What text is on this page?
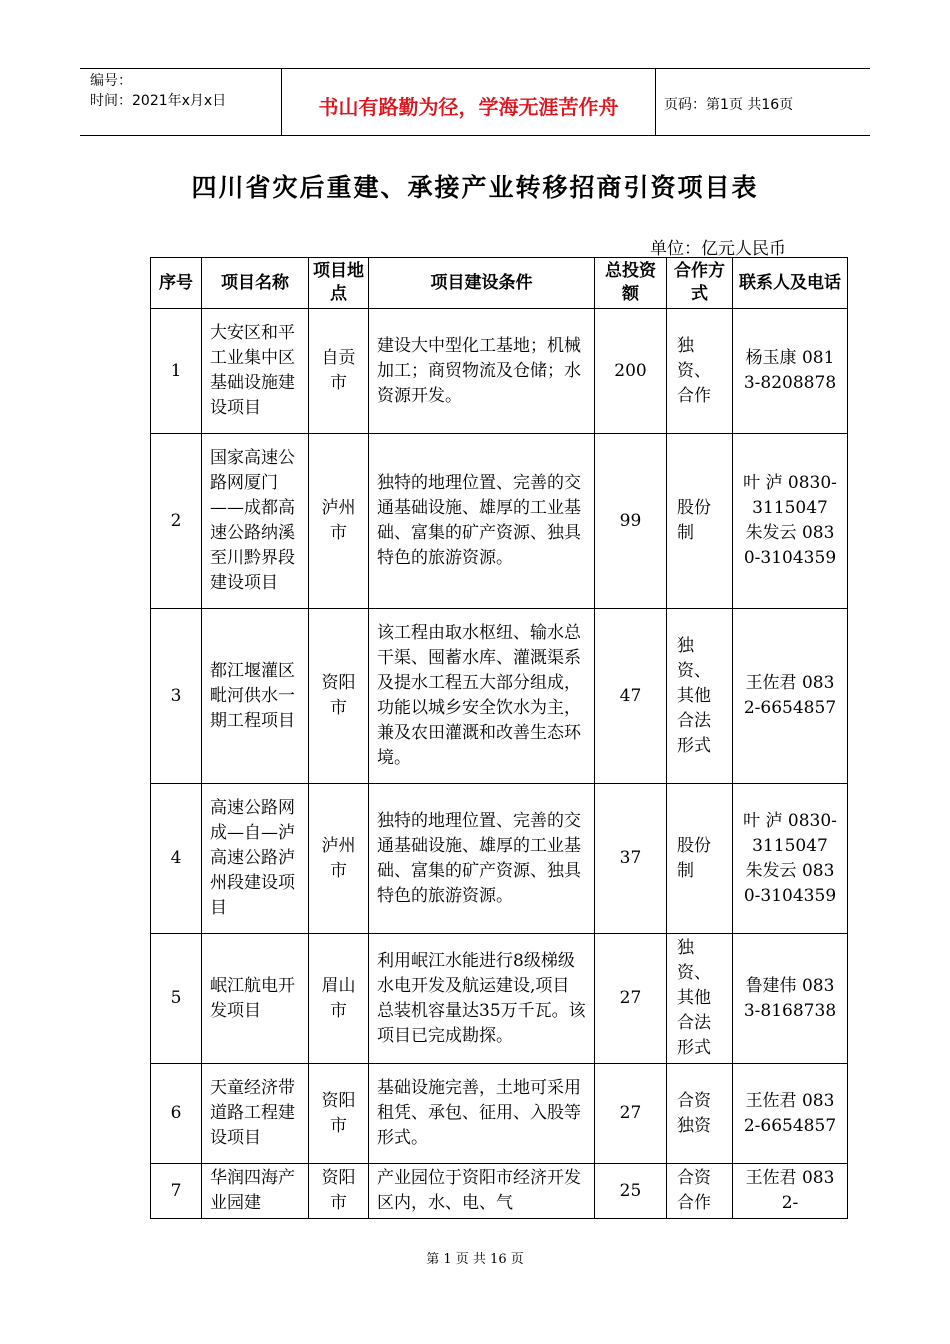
编号：
时间：2021年x月x日	书山有路勤为径，学海无涯苦作舟	页码：第1页 共16页
四川省灾后重建、承接产业转移招商引资项目表
单位：亿元人民币
序号	项目名称	项目地点	项目建设条件	总投资额	合作方式	联系人及电话
1	大安区和平工业集中区基础设施建设项目	自贡市	建设大中型化工基地；机械加工；商贸物流及仓储；水资源开发。	200	独资、合作	杨玉康 0813-8208878
2	国家高速公路网厦门——成都高速公路纳溪至川黔界段建设项目	泸州市	独特的地理位置、完善的交通基础设施、雄厚的工业基础、富集的矿产资源、独具特色的旅游资源。	99	股份制	叶 泸 0830-3115047 朱发云 0830-3104359
3	都江堰灌区毗河供水一期工程项目	资阳市	该工程由取水枢纽、输水总干渠、囤蓄水库、灌溉渠系及提水工程五大部分组成，功能以城乡安全饮水为主，兼及农田灌溉和改善生态环境。	47	独资、其他合法形式	王佐君 0832-6654857
4	高速公路网成—自—泸高速公路泸州段建设项目	泸州市	独特的地理位置、完善的交通基础设施、雄厚的工业基础、富集的矿产资源、独具特色的旅游资源。	37	股份制	叶 泸 0830-3115047 朱发云 0830-3104359
5	岷江航电开发项目	眉山市	利用岷江水能进行8级梯级水电开发及航运建设,项目总装机容量达35万千瓦。该项目已完成勘探。	27	独资、其他合法形式	鲁建伟 0833-8168738
6	天童经济带道路工程建设项目	资阳市	基础设施完善，土地可采用租凭、承包、征用、入股等形式。	27	合资独资	王佐君 0832-6654857
7	华润四海产业园建	资阳市	产业园位于资阳市经济开发区内，水、电、气	25	合资合作	王佐君 0832-
第 1 页 共 16 页
